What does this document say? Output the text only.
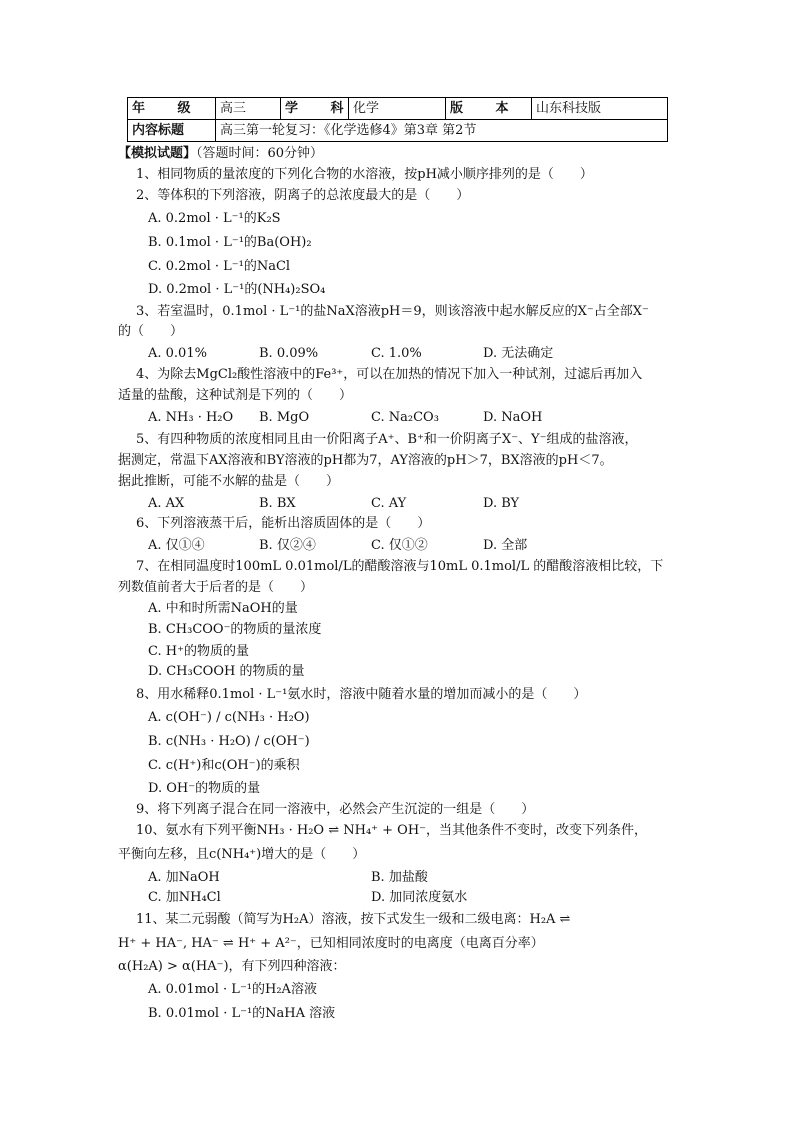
年 级	高三	学 科	化学	版 本	山东科技版
内容标题	高三第一轮复习：《化学选修4》第3章 第2节				
【模拟试题】（答题时间：60分钟）
1、相同物质的量浓度的下列化合物的水溶液，按pH减小顺序排列的是（　　）
2、等体积的下列溶液，阴离子的总浓度最大的是（　　）
A. 0.2mol · L⁻¹的K₂S
B. 0.1mol · L⁻¹的Ba(OH)₂
C. 0.2mol · L⁻¹的NaCl
D. 0.2mol · L⁻¹的(NH₄)₂SO₄
3、若室温时，0.1mol · L⁻¹的盐NaX溶液pH＝9，则该溶液中起水解反应的X⁻占全部X⁻
的（　　）
A. 0.01%	B. 0.09%	C. 1.0%	D. 无法确定
4、为除去MgCl₂酸性溶液中的Fe³⁺，可以在加热的情况下加入一种试剂，过滤后再加入
适量的盐酸，这种试剂是下列的（　　）
A. NH₃ · H₂O B. MgO	C. Na₂CO₃	D. NaOH
5、有四种物质的浓度相同且由一价阳离子A⁺、B⁺和一价阴离子X⁻、Y⁻组成的盐溶液，
据测定，常温下AX溶液和BY溶液的pH都为7，AY溶液的pH＞7，BX溶液的pH＜7。
据此推断，可能不水解的盐是（　　）
A. AX	B. BX	C. AY	D. BY
6、下列溶液蒸干后，能析出溶质固体的是（　　）
A. 仅①④	B. 仅②④	C. 仅①②	D. 全部
7、在相同温度时100mL 0.01mol/L的醋酸溶液与10mL 0.1mol/L 的醋酸溶液相比较，下
列数值前者大于后者的是（　　）
A. 中和时所需NaOH的量
B. CH₃COO⁻的物质的量浓度
C. H⁺的物质的量
D. CH₃COOH 的物质的量
8、用水稀释0.1mol · L⁻¹氨水时，溶液中随着水量的增加而减小的是（　　）
A. c(OH⁻) / c(NH₃ · H₂O)
B. c(NH₃ · H₂O) / c(OH⁻)
C. c(H⁺)和c(OH⁻)的乘积
D. OH⁻的物质的量
9、将下列离子混合在同一溶液中，必然会产生沉淀的一组是（　　）
10、氨水有下列平衡NH₃ · H₂O ⇌ NH₄⁺ + OH⁻，当其他条件不变时，改变下列条件，
平衡向左移，且c(NH₄⁺)增大的是（　　）
A. 加NaOH	B. 加盐酸
C. 加NH₄Cl	D. 加同浓度氨水
11、某二元弱酸（简写为H₂A）溶液，按下式发生一级和二级电离：H₂A ⇌
H⁺ + HA⁻, HA⁻ ⇌ H⁺ + A²⁻，已知相同浓度时的电离度（电离百分率）
α(H₂A) > α(HA⁻)，有下列四种溶液：
A. 0.01mol · L⁻¹的H₂A溶液
B. 0.01mol · L⁻¹的NaHA 溶液
